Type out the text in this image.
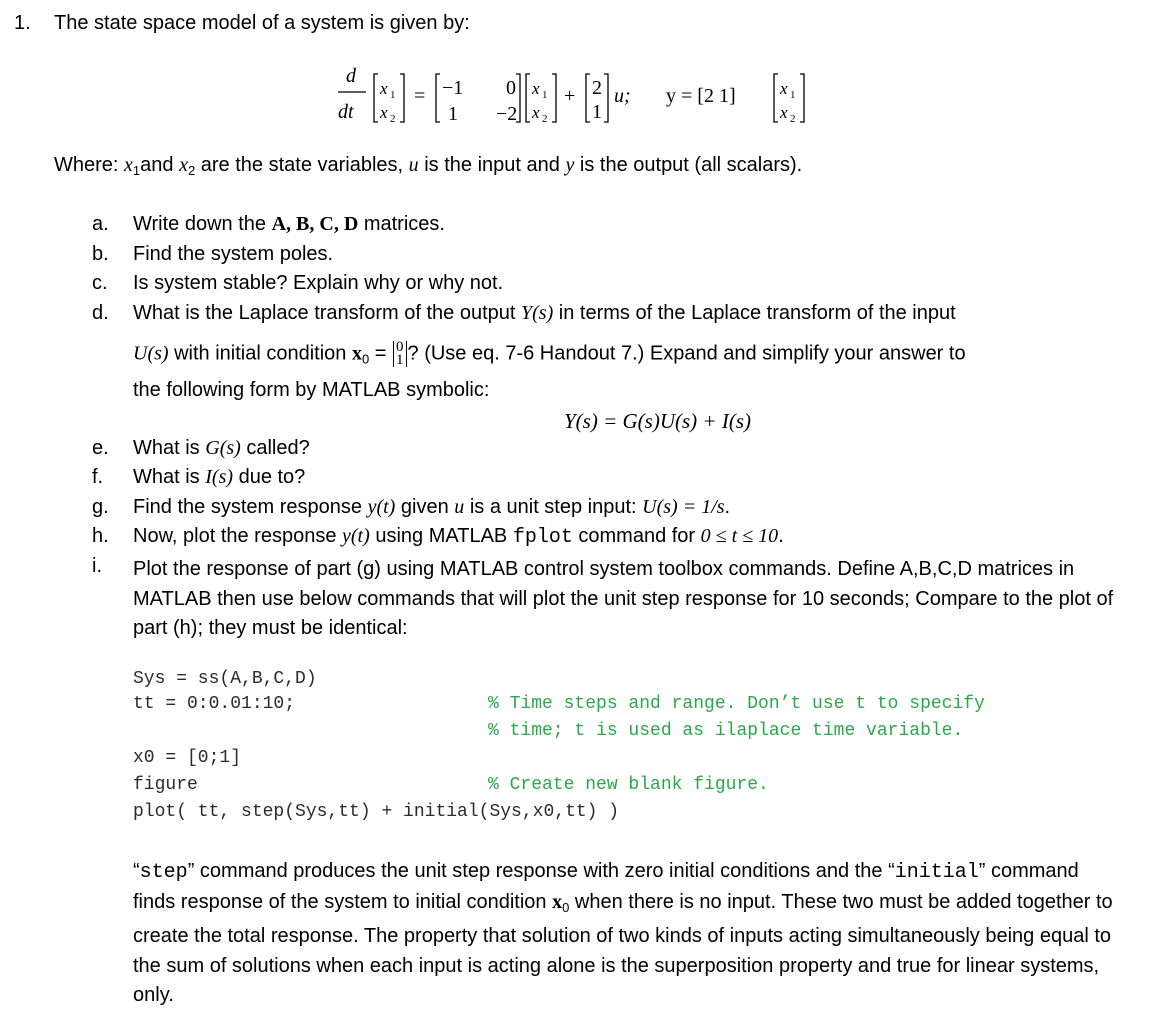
1. The state space model of a system is given by:
d
dt
x 1
x 2
= −1 0
1 −2
x 1
x 2
+ 2
1
u; y = [2 1]	x 1
x 2
Where: $x_1and$ $x_2$ are the state variables, u is the input and y is the output (all scalars).
a. Write down the A, B, C, D matrices.
b. Find the system poles.
c. Is system stable? Explain why or why not.
d. What is the Laplace transform of the output Y(s) in terms of the Laplace transform of the input
U(s) with initial condition $x_0 = 0$
1 ? (Use eq. 7-6 Handout 7.) Expand and simplify your answer to
the following form by MATLAB symbolic:
Y(s) = G(s)U(s) + I(s)
e. What is G(s) called?
f. What is I(s) due to?
g. Find the system response y(t) given u is a unit step input: U(s) = 1/s.
h. Now, plot the response y(t) using MATLAB fplot command for 0 ≤ t ≤ 10.
i. Plot the response of part (g) using MATLAB control system toolbox commands. Define A,B,C,D matrices in MATLAB then use below commands that will plot the unit step response for 10 seconds; Compare to the plot of part (h); they must be identical:
Sys = ss(A,B,C,D)
tt = 0:0.01:10;	% Time steps and range. Don’t use t to specify
% time; t is used as ilaplace time variable.
x0 = [0;1]
figure	% Create new blank figure.
plot( tt, step(Sys,tt) + initial(Sys,x0,tt) )
“step” command produces the unit step response with zero initial conditions and the “initial” command finds response of the system to initial condition $x_0$ when there is no input. These two must be added together to create the total response. The property that solution of two kinds of inputs acting simultaneously being equal to the sum of solutions when each input is acting alone is the superposition property and true for linear systems, only.
